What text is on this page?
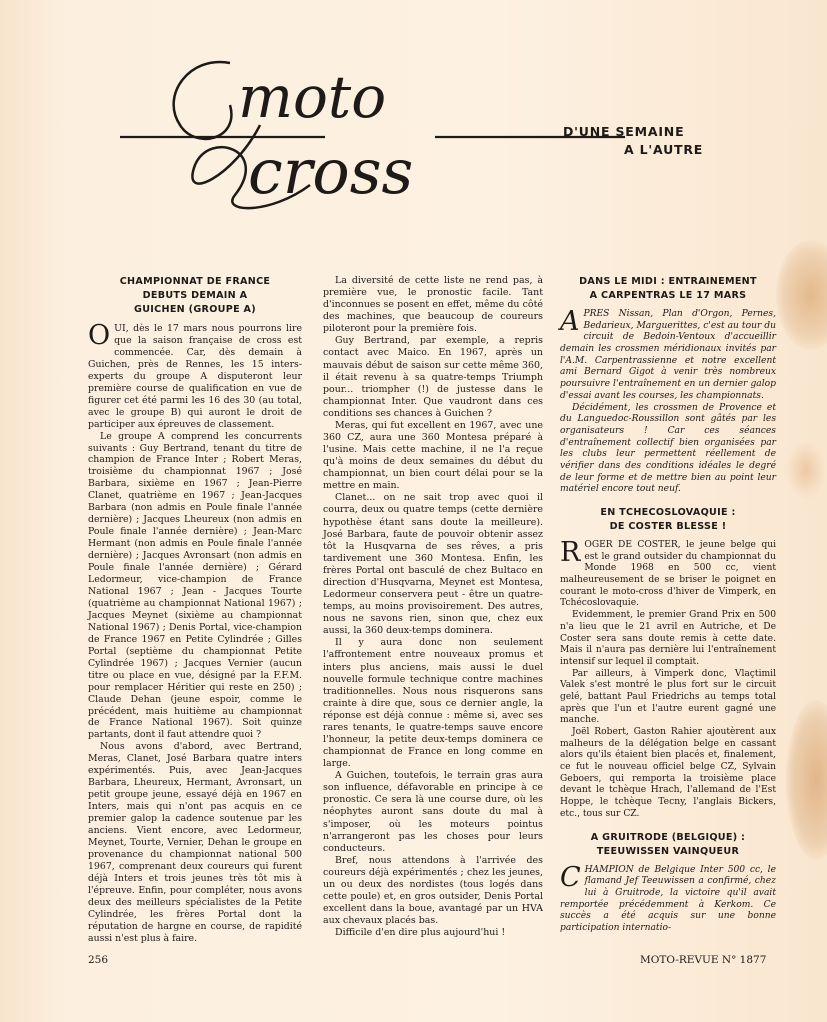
moto
cross
D'UNE SEMAINE
A L'AUTRE
CHAMPIONNAT DE FRANCE
DEBUTS DEMAIN A
GUICHEN (GROUPE A)

OUI, dès le 17 mars nous pourrons lire que la saison française de cross est commencée. Car, dès demain à Guichen, près de Rennes, les 15 inters-experts du groupe A disputeront leur première course de qualification en vue de figurer cet été parmi les 16 des 30 (au total, avec le groupe B) qui auront le droit de participer aux épreuves de classement.

Le groupe A comprend les concurrents suivants : Guy Bertrand, tenant du titre de champion de France Inter ; Robert Meras, troisième du championnat 1967 ; José Barbara, sixième en 1967 ; Jean-Pierre Clanet, quatrième en 1967 ; Jean-Jacques Barbara (non admis en Poule finale l'année dernière) ; Jacques Lheureux (non admis en Poule finale l'année dernière) ; Jean-Marc Hermant (non admis en Poule finale l'année dernière) ; Jacques Avronsart (non admis en Poule finale l'année dernière) ; Gérard Ledormeur, vice-champion de France National 1967 ; Jean - Jacques Tourte (quatrième au championnat National 1967) ; Jacques Meynet (sixième au championnat National 1967) ; Denis Portal, vice-champion de France 1967 en Petite Cylindrée ; Gilles Portal (septième du championnat Petite Cylindrée 1967) ; Jacques Vernier (aucun titre ou place en vue, désigné par la F.F.M. pour remplacer Héritier qui reste en 250) ; Claude Dehan (jeune espoir, comme le précédent, mais huitième au championnat de France National 1967). Soit quinze partants, dont il faut attendre quoi ?

Nous avons d'abord, avec Bertrand, Meras, Clanet, José Barbara quatre inters expérimentés. Puis, avec Jean-Jacques Barbara, Lheureux, Hermant, Avronsart, un petit groupe jeune, essayé déjà en 1967 en Inters, mais qui n'ont pas acquis en ce premier galop la cadence soutenue par les anciens. Vient encore, avec Ledormeur, Meynet, Tourte, Vernier, Dehan le groupe en provenance du championnat national 500 1967, comprenant deux coureurs qui furent déjà Inters et trois jeunes très tôt mis à l'épreuve. Enfin, pour compléter, nous avons deux des meilleurs spécialistes de la Petite Cylindrée, les frères Portal dont la réputation de hargne en course, de rapidité aussi n'est plus à faire.

La diversité de cette liste ne rend pas, à première vue, le pronostic facile. Tant d'inconnues se posent en effet, même du côté des machines, que beaucoup de coureurs piloteront pour la première fois.

Guy Bertrand, par exemple, a repris contact avec Maico. En 1967, après un mauvais début de saison sur cette même 360, il était revenu à sa quatre-temps Triumph pour... triompher (!) de justesse dans le championnat Inter. Que vaudront dans ces conditions ses chances à Guichen ?

Meras, qui fut excellent en 1967, avec une 360 CZ, aura une 360 Montesa préparé à l'usine. Mais cette machine, il ne l'a reçue qu'à moins de deux semaines du début du championnat, un bien court délai pour se la mettre en main.

Clanet... on ne sait trop avec quoi il courra, deux ou quatre temps (cette dernière hypothèse étant sans doute la meilleure). José Barbara, faute de pouvoir obtenir assez tôt la Husqvarna de ses rêves, a pris tardivement une 360 Montesa. Enfin, les frères Portal ont basculé de chez Bultaco en direction d'Husqvarna, Meynet est Montesa, Ledormeur conservera peut - être un quatre-temps, au moins provisoirement. Des autres, nous ne savons rien, sinon que, chez eux aussi, la 360 deux-temps dominera.

Il y aura donc non seulement l'affrontement entre nouveaux promus et inters plus anciens, mais aussi le duel nouvelle formule technique contre machines traditionnelles. Nous nous risquerons sans crainte à dire que, sous ce dernier angle, la réponse est déjà connue : même si, avec ses rares tenants, le quatre-temps sauve encore l'honneur, la petite deux-temps dominera ce championnat de France en long comme en large.

A Guichen, toutefois, le terrain gras aura son influence, défavorable en principe à ce pronostic. Ce sera là une course dure, où les néophytes auront sans doute du mal à s'imposer, où les moteurs pointus n'arrangeront pas les choses pour leurs conducteurs.

Bref, nous attendons à l'arrivée des coureurs déjà expérimentés ; chez les jeunes, un ou deux des nordistes (tous logés dans cette poule) et, en gros outsider, Denis Portal excellent dans la boue, avantagé par un HVA aux chevaux placés bas.

Difficile d'en dire plus aujourd'hui !

DANS LE MIDI : ENTRAINEMENT
A CARPENTRAS LE 17 MARS

APRES Nissan, Plan d'Orgon, Pernes, Bedarieux, Marguerittes, c'est au tour du circuit de Bedoin-Ventoux d'accueillir demain les crossmen méridionaux invités par l'A.M. Carpentrassienne et notre excellent ami Bernard Gigot à venir très nombreux poursuivre l'entraînement en un dernier galop d'essai avant les courses, les championnats.

Décidément, les crossmen de Provence et du Languedoc-Roussillon sont gâtés par les organisateurs ! Car ces séances d'entraînement collectif bien organisées par les clubs leur permettent réellement de vérifier dans des conditions idéales le degré de leur forme et de mettre bien au point leur matériel encore tout neuf.

EN TCHECOSLOVAQUIE :
DE COSTER BLESSE !

ROGER DE COSTER, le jeune belge qui est le grand outsider du championnat du Monde 1968 en 500 cc, vient malheureusement de se briser le poignet en courant le moto-cross d'hiver de Vimperk, en Tchécoslovaquie.

Evidemment, le premier Grand Prix en 500 n'a lieu que le 21 avril en Autriche, et De Coster sera sans doute remis à cette date. Mais il n'aura pas dernière lui l'entraînement intensif sur lequel il comptait.

Par ailleurs, à Vimperk donc, Vlaçtimil Valek s'est montré le plus fort sur le circuit gelé, battant Paul Friedrichs au temps total après que l'un et l'autre eurent gagné une manche.

Joël Robert, Gaston Rahier ajoutèrent aux malheurs de la délégation belge en cassant alors qu'ils étaient bien placés et, finalement, ce fut le nouveau officiel belge CZ, Sylvain Geboers, qui remporta la troisième place devant le tchèque Hrach, l'allemand de l'Est Hoppe, le tchèque Tecny, l'anglais Bickers, etc., tous sur CZ.

A GRUITRODE (BELGIQUE) :
TEEUWISSEN VAINQUEUR

CHAMPION de Belgique Inter 500 cc, le flamand Jef Teeuwissen a confirmé, chez lui à Gruitrode, la victoire qu'il avait remportée précédemment à Kerkom. Ce succès a été acquis sur une bonne participation internatio-

256	MOTO-REVUE N° 1877
